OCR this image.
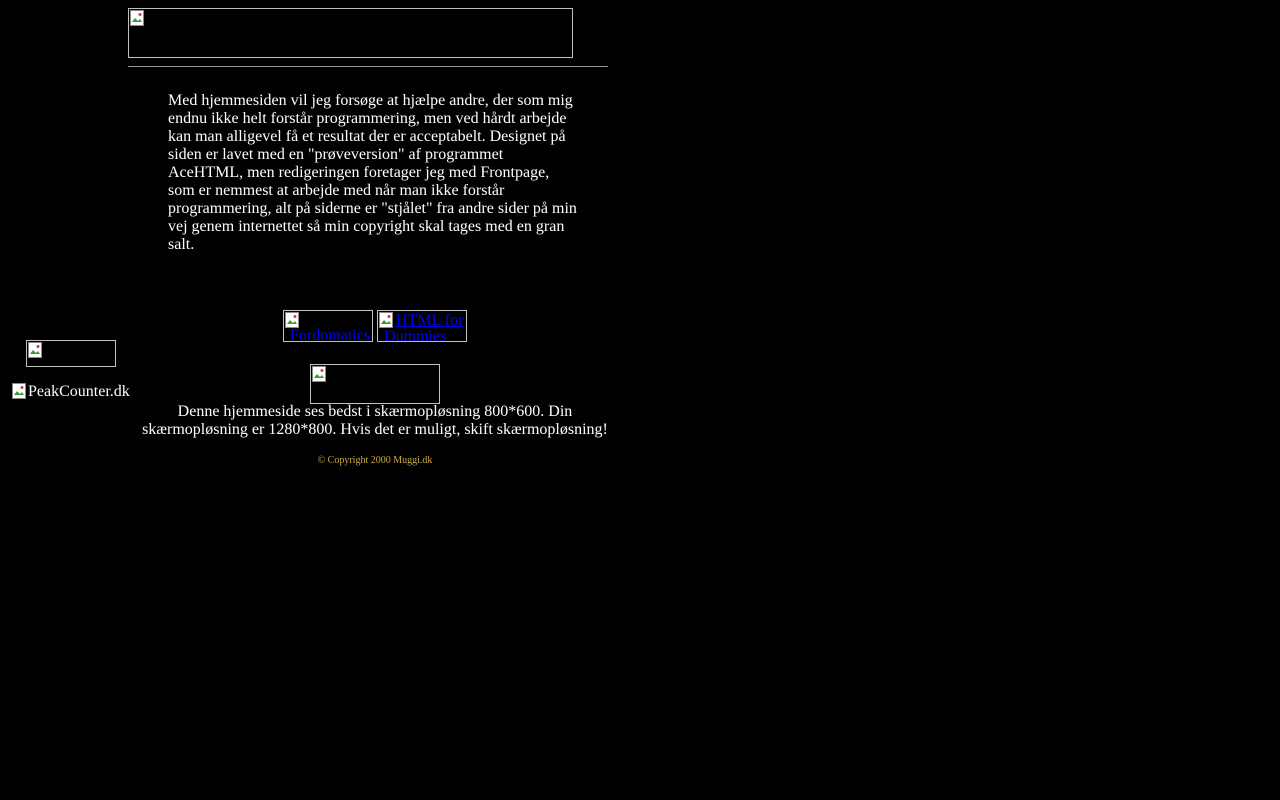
Med hjemmesiden vil jeg forsøge at hjælpe andre, der som mig endnu ikke helt forstår programmering, men ved hårdt arbejde kan man alligevel få et resultat der er acceptabelt. Designet på siden er lavet med en "prøveversion" af programmet AceHTML, men redigeringen foretager jeg med Frontpage, som er nemmest at arbejde med når man ikke forstår programmering, alt på siderne er "stjålet" fra andre sider på min vej genem internettet så min copyright skal tages med en gran salt.

Fordomatics
HTML for
Dummies
PeakCounter.dk
Denne hjemmeside ses bedst i skærmopløsning 800*600. Din skærmopløsning er 1280*800. Hvis det er muligt, skift skærmopløsning!
© Copyright 2000 Muggi.dk
